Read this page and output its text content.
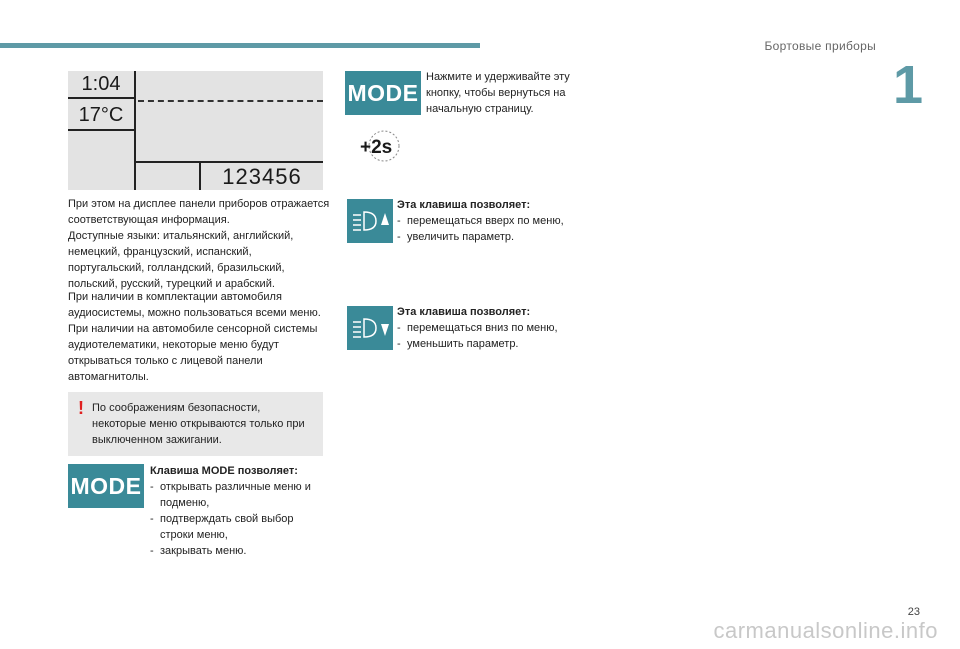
Бортовые приборы
1
1:04
17°C
123456
При этом на дисплее панели приборов отражается соответствующая информация.
Доступные языки: итальянский, английский, немецкий, французский, испанский, португальский, голландский, бразильский, польский, русский, турецкий и арабский.
При наличии в комплектации автомобиля аудиосистемы, можно пользоваться всеми меню. При наличии на автомобиле сенсорной системы аудиотелематики, некоторые меню будут открываться только с лицевой панели автомагнитолы.
! По соображениям безопасности, некоторые меню открываются только при выключенном зажигании.
MODE
Клавиша MODE позволяет:
- открывать различные меню и подменю,
- подтверждать свой выбор строки меню,
- закрывать меню.
MODE
Нажмите и удерживайте эту кнопку, чтобы вернуться на начальную страницу.
+2s
Эта клавиша позволяет:
- перемещаться вверх по меню,
- увеличить параметр.
Эта клавиша позволяет:
- перемещаться вниз по меню,
- уменьшить параметр.
23
carmanualsonline.info
